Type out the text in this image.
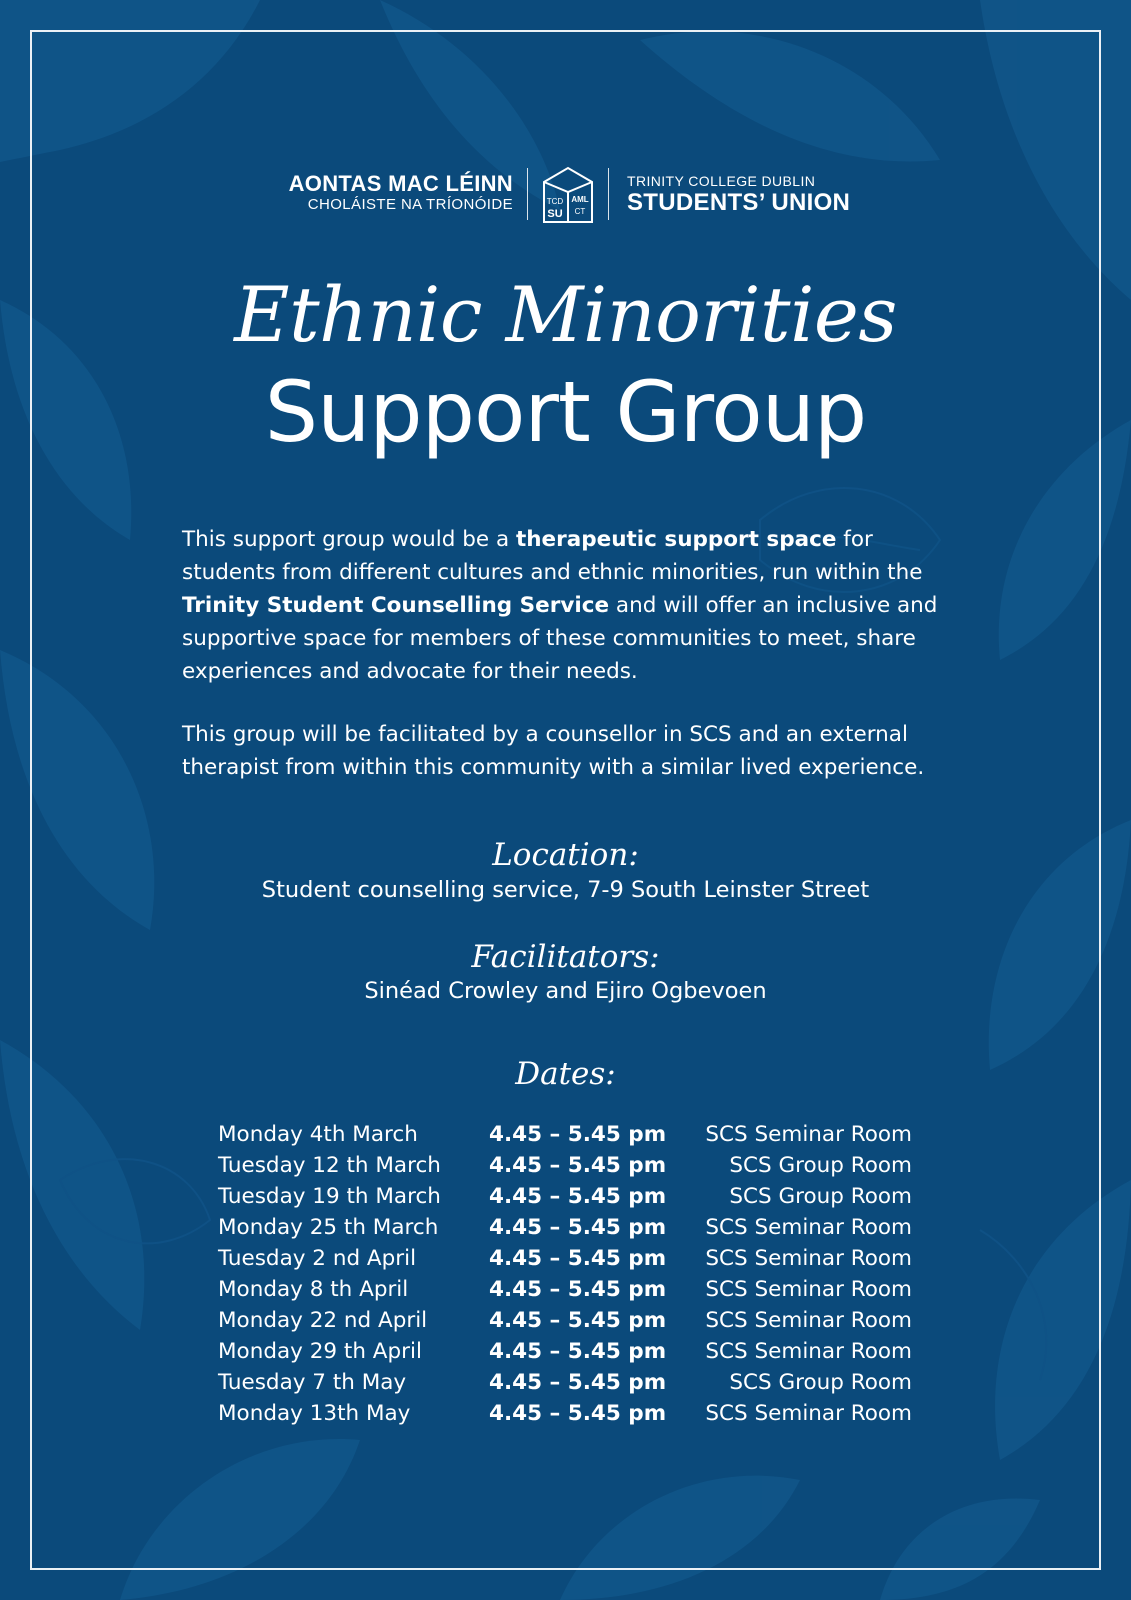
AONTAS MAC LÉINN
CHOLÁISTE NA TRÍONÓIDE	TCD AML
SU CT
TRINITY COLLEGE DUBLIN
STUDENTS’ UNION
Ethnic Minorities
Support Group
This support group would be a therapeutic support space for students from different cultures and ethnic minorities, run within the Trinity Student Counselling Service and will offer an inclusive and supportive space for members of these communities to meet, share experiences and advocate for their needs.
This group will be facilitated by a counsellor in SCS and an external therapist from within this community with a similar lived experience.
Location:
Student counselling service, 7-9 South Leinster Street
Facilitators:
Sinéad Crowley and Ejiro Ogbevoen
Dates:
Monday 4th March	4.45 – 5.45 pm SCS Seminar Room
Tuesday 12 th March 4.45 – 5.45 pm	SCS Group Room
Tuesday 19 th March 4.45 – 5.45 pm	SCS Group Room
Monday 25 th March 4.45 – 5.45 pm SCS Seminar Room
Tuesday 2 nd April	4.45 – 5.45 pm SCS Seminar Room
Monday 8 th April	4.45 – 5.45 pm SCS Seminar Room
Monday 22 nd April	4.45 – 5.45 pm SCS Seminar Room
Monday 29 th April	4.45 – 5.45 pm SCS Seminar Room
Tuesday 7 th May	4.45 – 5.45 pm	SCS Group Room
Monday 13th May	4.45 – 5.45 pm SCS Seminar Room
